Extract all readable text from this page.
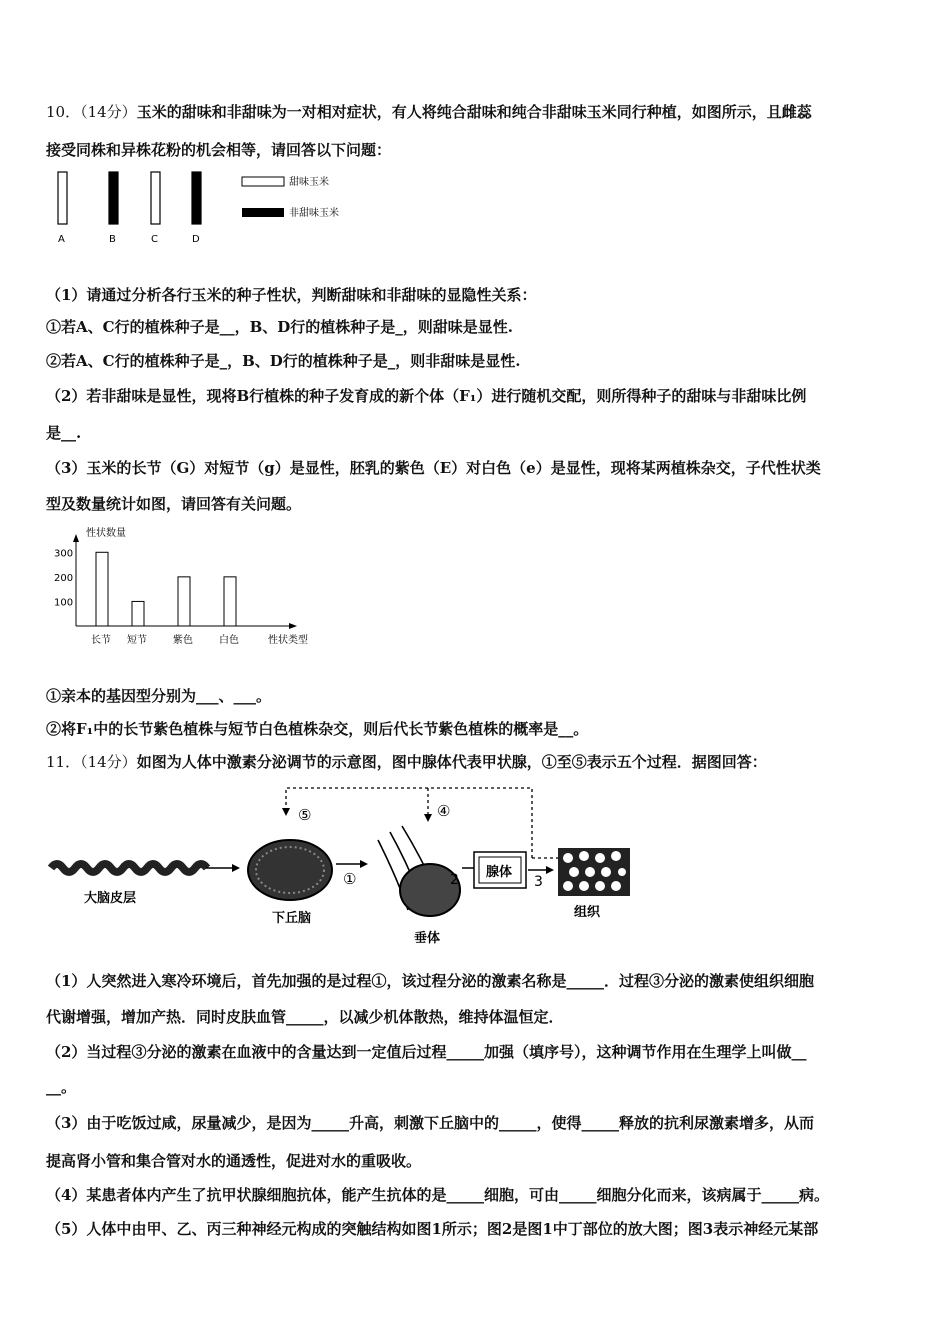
10．（14分）玉米的甜味和非甜味为一对相对症状，有人将纯合甜味和纯合非甜味玉米同行种植，如图所示，且雌蕊
接受同株和异株花粉的机会相等，请回答以下问题：
A	B	C	D
甜味玉米
非甜味玉米
（1）请通过分析各行玉米的种子性状，判断甜味和非甜味的显隐性关系：
①若A、C行的植株种子是__，B、D行的植株种子是_，则甜味是显性.
②若A、C行的植株种子是_，B、D行的植株种子是_，则非甜味是显性.
（2）若非甜味是显性，现将B行植株的种子发育成的新个体（F₁）进行随机交配，则所得种子的甜味与非甜味比例
是__.
（3）玉米的长节（G）对短节（g）是显性，胚乳的紫色（E）对白色（e）是显性，现将某两植株杂交，子代性状类
型及数量统计如图，请回答有关问题。
性状数量
性状类型
100
200
300
长节 短节	紫色	白色
①亲本的基因型分别为___、___。
②将F₁中的长节紫色植株与短节白色植株杂交，则后代长节紫色植株的概率是__。
11．（14分）如图为人体中激素分泌调节的示意图，图中腺体代表甲状腺，①至⑤表示五个过程．据图回答：
⑤	④
大脑皮层
下丘脑
①
垂体
2 腺体
3
组织
（1）人突然进入寒冷环境后，首先加强的是过程①，该过程分泌的激素名称是_____．过程③分泌的激素使组织细胞
代谢增强，增加产热．同时皮肤血管_____，以减少机体散热，维持体温恒定．
（2）当过程③分泌的激素在血液中的含量达到一定值后过程_____加强（填序号），这种调节作用在生理学上叫做__
__。
（3）由于吃饭过咸，尿量减少，是因为_____升高，刺激下丘脑中的_____，使得_____释放的抗利尿激素增多，从而
提高肾小管和集合管对水的通透性，促进对水的重吸收。
（4）某患者体内产生了抗甲状腺细胞抗体，能产生抗体的是_____细胞，可由_____细胞分化而来，该病属于_____病。
（5）人体中由甲、乙、丙三种神经元构成的突触结构如图1所示；图2是图1中丁部位的放大图；图3表示神经元某部
